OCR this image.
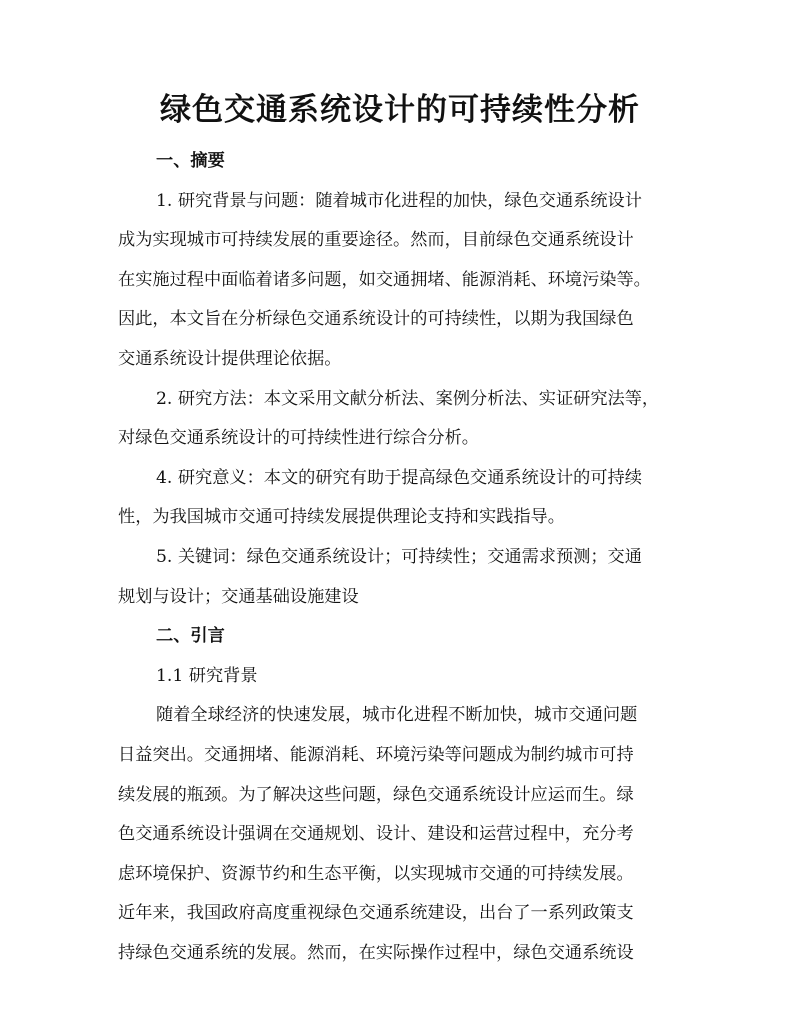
绿色交通系统设计的可持续性分析
一、摘要
1. 研究背景与问题：随着城市化进程的加快，绿色交通系统设计
成为实现城市可持续发展的重要途径。然而，目前绿色交通系统设计
在实施过程中面临着诸多问题，如交通拥堵、能源消耗、环境污染等。
因此，本文旨在分析绿色交通系统设计的可持续性，以期为我国绿色
交通系统设计提供理论依据。
2. 研究方法：本文采用文献分析法、案例分析法、实证研究法等，
对绿色交通系统设计的可持续性进行综合分析。
4. 研究意义：本文的研究有助于提高绿色交通系统设计的可持续
性，为我国城市交通可持续发展提供理论支持和实践指导。
5. 关键词：绿色交通系统设计；可持续性；交通需求预测；交通
规划与设计；交通基础设施建设
二、引言
1.1 研究背景
随着全球经济的快速发展，城市化进程不断加快，城市交通问题
日益突出。交通拥堵、能源消耗、环境污染等问题成为制约城市可持
续发展的瓶颈。为了解决这些问题，绿色交通系统设计应运而生。绿
色交通系统设计强调在交通规划、设计、建设和运营过程中，充分考
虑环境保护、资源节约和生态平衡，以实现城市交通的可持续发展。
近年来，我国政府高度重视绿色交通系统建设，出台了一系列政策支
持绿色交通系统的发展。然而，在实际操作过程中，绿色交通系统设
